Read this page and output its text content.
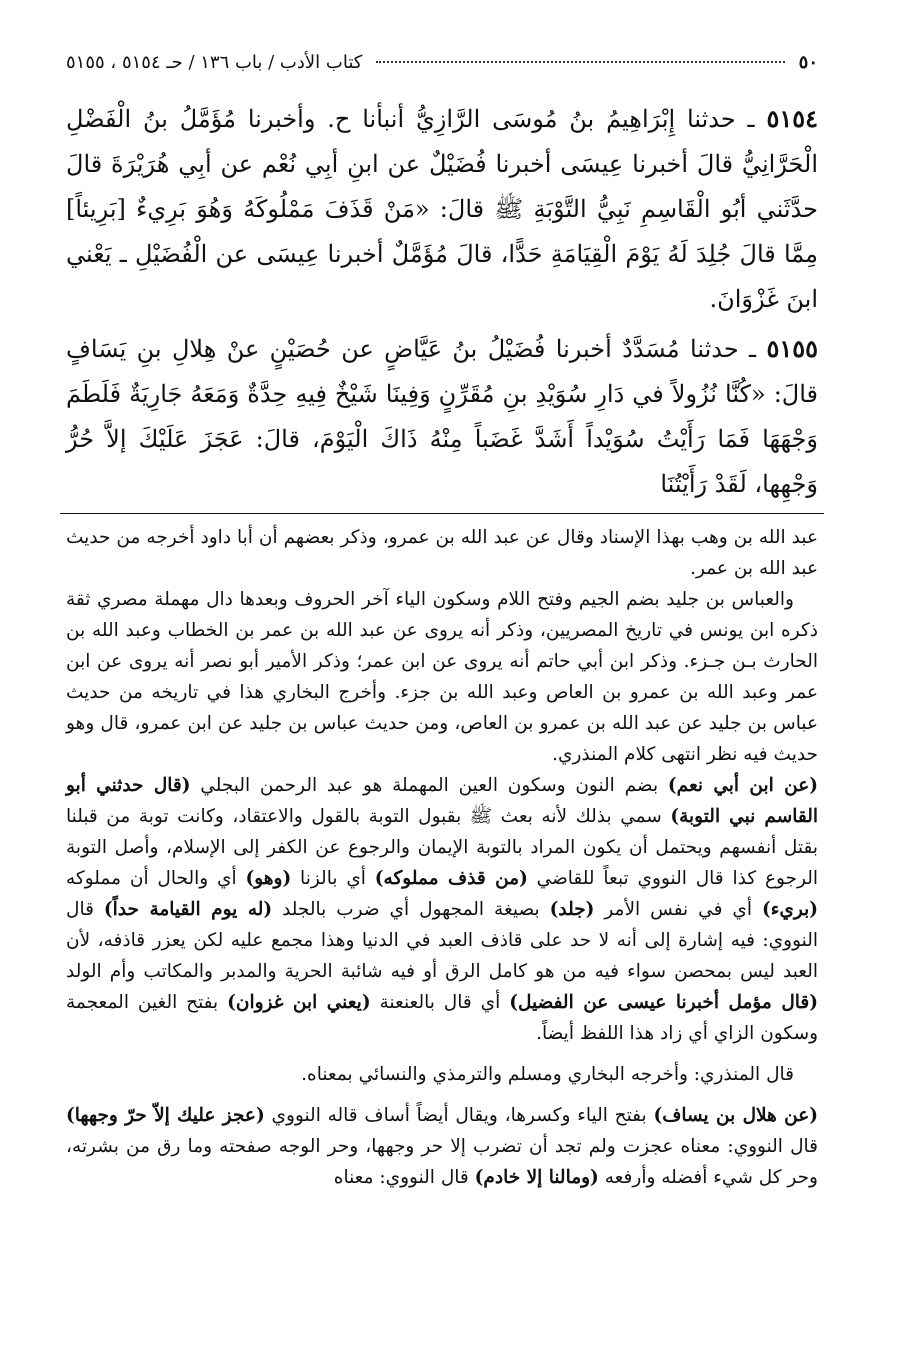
٥٠
كتاب الأدب / باب ١٣٦ / حـ ٥١٥٤ ، ٥١٥٥

٥١٥٤ ـ حدثنا إِبْرَاهِيمُ بنُ مُوسَى الرَّازِيُّ أنبأنا ح. وأخبرنا مُؤَمَّلُ بنُ الْفَضْلِ الْحَرَّانِيُّ قالَ أخبرنا عِيسَى أخبرنا فُضَيْلٌ عن ابنِ أبِي نُعْم عن أبِي هُرَيْرَةَ قالَ حدَّثَني أبُو الْقَاسِمِ نَبِيُّ التَّوْبَةِ ﷺ قالَ: «مَنْ قَذَفَ مَمْلُوكَهُ وَهُوَ بَرِيءٌ [بَرِيئاً] مِمَّا قالَ جُلِدَ لَهُ يَوْمَ الْقِيَامَةِ حَدًّا، قالَ مُؤَمَّلٌ أخبرنا عِيسَى عن الْفُضَيْلِ ـ يَعْني ابنَ غَزْوَانَ.

٥١٥٥ ـ حدثنا مُسَدَّدٌ أخبرنا فُضَيْلُ بنُ عَيَّاضٍ عن حُصَيْنٍ عنْ هِلالِ بنِ يَسَافٍ قالَ: «كُنَّا نُزُولاً في دَارِ سُوَيْدِ بنِ مُقَرِّنٍ وَفِينَا شَيْخٌ فِيهِ حِدَّةٌ وَمَعَهُ جَارِيَةٌ فَلَطَمَ وَجْهَهَا فَمَا رَأَيْتُ سُوَيْداً أَشَدَّ غَضَباً مِنْهُ ذَاكَ الْيَوْمَ، قالَ: عَجَزَ عَلَيْكَ إلاَّ حُرُّ وَجْهِها، لَقَدْ رَأَيْتُنَا

عبد الله بن وهب بهذا الإسناد وقال عن عبد الله بن عمرو، وذكر بعضهم أن أبا داود أخرجه من حديث عبد الله بن عمر.

والعباس بن جليد بضم الجيم وفتح اللام وسكون الياء آخر الحروف وبعدها دال مهملة مصري ثقة ذكره ابن يونس في تاريخ المصريين، وذكر أنه يروى عن عبد الله بن عمر بن الخطاب وعبد الله بن الحارث بـن جـزء. وذكر ابن أبي حاتم أنه يروى عن ابن عمر؛ وذكر الأمير أبو نصر أنه يروى عن ابن عمر وعبد الله بن عمرو بن العاص وعبد الله بن جزء. وأخرج البخاري هذا في تاريخه من حديث عباس بن جليد عن عبد الله بن عمرو بن العاص، ومن حديث عباس بن جليد عن ابن عمرو، قال وهو حديث فيه نظر انتهى كلام المنذري.

(عن ابن أبي نعم) بضم النون وسكون العين المهملة هو عبد الرحمن البجلي (قال حدثني أبو القاسم نبي التوبة) سمي بذلك لأنه بعث ﷺ بقبول التوبة بالقول والاعتقاد، وكانت توبة من قبلنا بقتل أنفسهم ويحتمل أن يكون المراد بالتوبة الإيمان والرجوع عن الكفر إلى الإسلام، وأصل التوبة الرجوع كذا قال النووي تبعاً للقاضي (من قذف مملوكه) أي بالزنا (وهو) أي والحال أن مملوكه (بريء) أي في نفس الأمر (جلد) بصيغة المجهول أي ضرب بالجلد (له يوم القيامة حداً) قال النووي: فيه إشارة إلى أنه لا حد على قاذف العبد في الدنيا وهذا مجمع عليه لكن يعزر قاذفه، لأن العبد ليس بمحصن سواء فيه من هو كامل الرق أو فيه شائبة الحرية والمدبر والمكاتب وأم الولد (قال مؤمل أخبرنا عيسى عن الفضيل) أي قال بالعنعنة (يعني ابن غزوان) بفتح الغين المعجمة وسكون الزاي أي زاد هذا اللفظ أيضاً.

قال المنذري: وأخرجه البخاري ومسلم والترمذي والنسائي بمعناه.

(عن هلال بن يساف) بفتح الياء وكسرها، ويقال أيضاً أساف قاله النووي (عجز عليك إلاّ حرّ وجهها) قال النووي: معناه عجزت ولم تجد أن تضرب إلا حر وجهها، وحر الوجه صفحته وما رق من بشرته، وحر كل شيء أفضله وأرفعه (ومالنا إلا خادم) قال النووي: معناه
